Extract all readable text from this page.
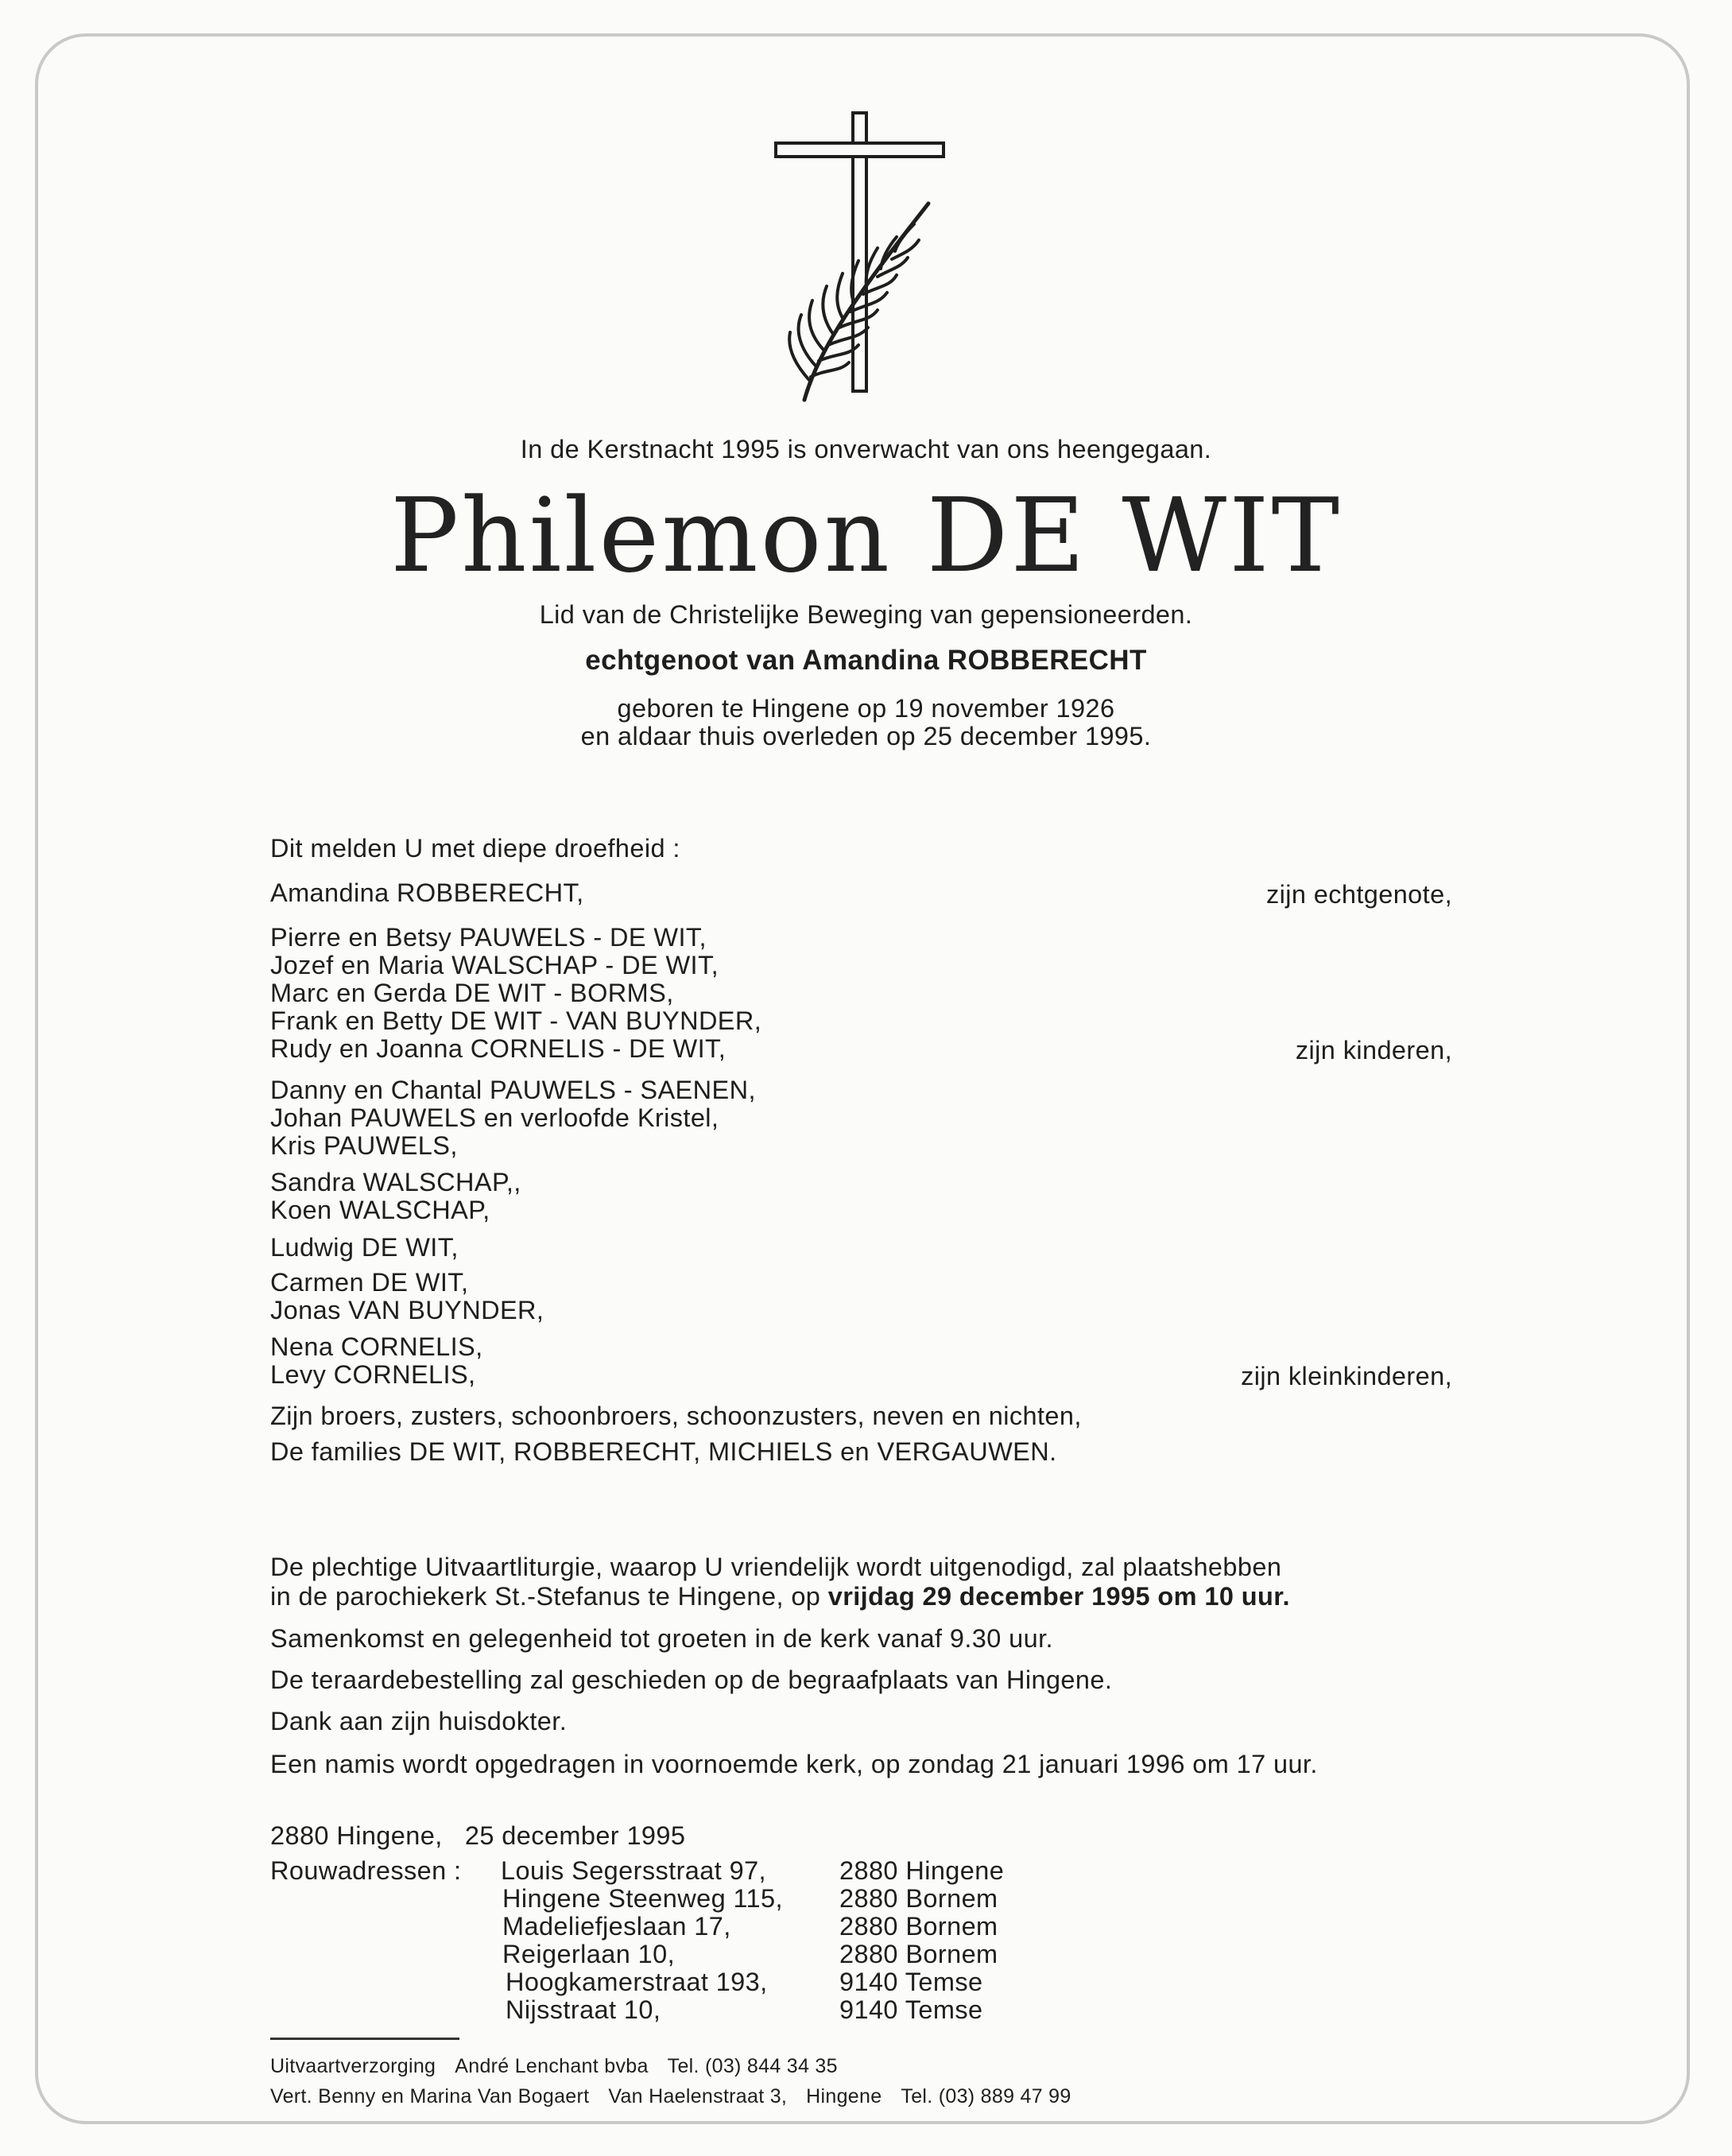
In de Kerstnacht 1995 is onverwacht van ons heengegaan.
Philemon DE WIT
Lid van de Christelijke Beweging van gepensioneerden.
echtgenoot van Amandina ROBBERECHT
geboren te Hingene op 19 november 1926
en aldaar thuis overleden op 25 december 1995.
Dit melden U met diepe droefheid :
Amandina ROBBERECHT,	zijn echtgenote,
Pierre en Betsy PAUWELS - DE WIT,
Jozef en Maria WALSCHAP - DE WIT,
Marc en Gerda DE WIT - BORMS,
Frank en Betty DE WIT - VAN BUYNDER,
Rudy en Joanna CORNELIS - DE WIT,	zijn kinderen,
Danny en Chantal PAUWELS - SAENEN,
Johan PAUWELS en verloofde Kristel,
Kris PAUWELS,
Sandra WALSCHAP,,
Koen WALSCHAP,
Ludwig DE WIT,
Carmen DE WIT,
Jonas VAN BUYNDER,
Nena CORNELIS,
Levy CORNELIS,	zijn kleinkinderen,
Zijn broers, zusters, schoonbroers, schoonzusters, neven en nichten,
De families DE WIT, ROBBERECHT, MICHIELS en VERGAUWEN.
De plechtige Uitvaartliturgie, waarop U vriendelijk wordt uitgenodigd, zal plaatshebben
in de parochiekerk St.-Stefanus te Hingene, op vrijdag 29 december 1995 om 10 uur.
Samenkomst en gelegenheid tot groeten in de kerk vanaf 9.30 uur.
De teraardebestelling zal geschieden op de begraafplaats van Hingene.
Dank aan zijn huisdokter.
Een namis wordt opgedragen in voornoemde kerk, op zondag 21 januari 1996 om 17 uur.
2880 Hingene,   25 december 1995
Rouwadressen : Louis Segersstraat 97,	2880 Hingene
Hingene Steenweg 115, 2880 Bornem
Madeliefjeslaan 17,	2880 Bornem
Reigerlaan 10,	2880 Bornem
Hoogkamerstraat 193,	9140 Temse
Nijsstraat 10,	9140 Temse
Uitvaartverzorging André Lenchant bvba Tel. (03) 844 34 35
Vert. Benny en Marina Van Bogaert Van Haelenstraat 3, Hingene Tel. (03) 889 47 99
